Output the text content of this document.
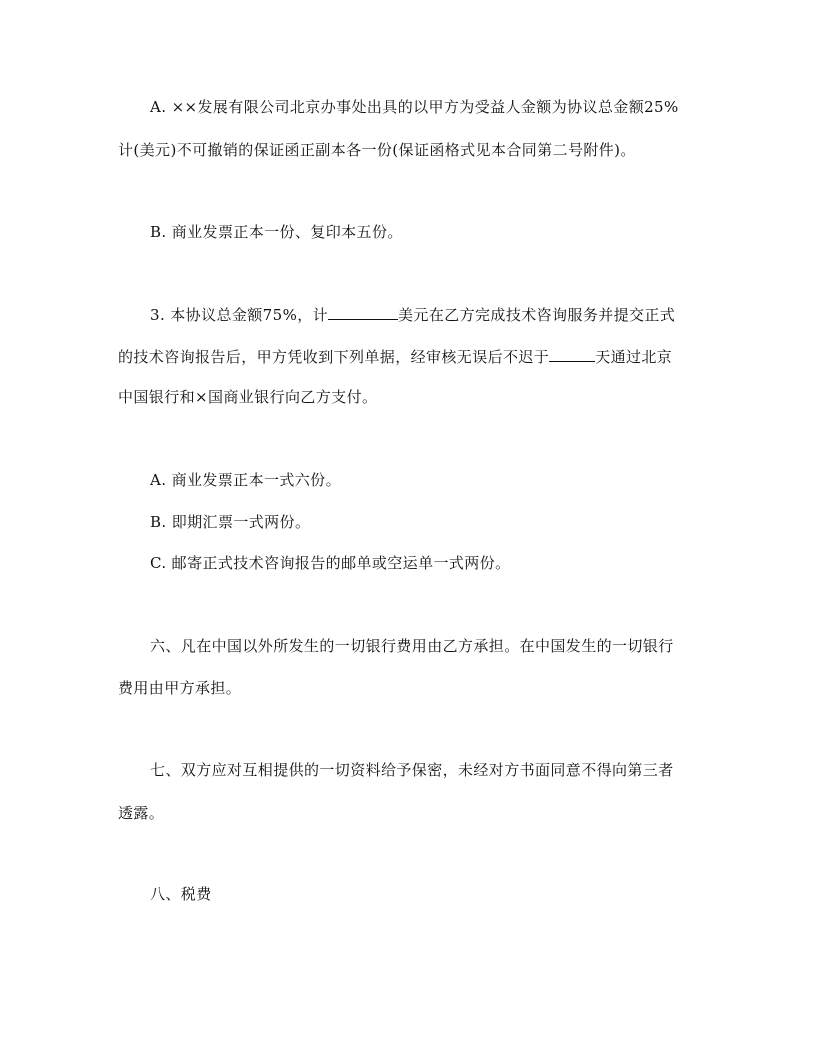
A. ××发展有限公司北京办事处出具的以甲方为受益人金额为协议总金额25%
计(美元)不可撤销的保证函正副本各一份(保证函格式见本合同第二号附件)。
B. 商业发票正本一份、复印本五份。
3. 本协议总金额75%，计	美元在乙方完成技术咨询服务并提交正式
的技术咨询报告后，甲方凭收到下列单据，经审核无误后不迟于	天通过北京
中国银行和×国商业银行向乙方支付。
A. 商业发票正本一式六份。
B. 即期汇票一式两份。
C. 邮寄正式技术咨询报告的邮单或空运单一式两份。
六、凡在中国以外所发生的一切银行费用由乙方承担。在中国发生的一切银行
费用由甲方承担。
七、双方应对互相提供的一切资料给予保密，未经对方书面同意不得向第三者
透露。
八、税费
